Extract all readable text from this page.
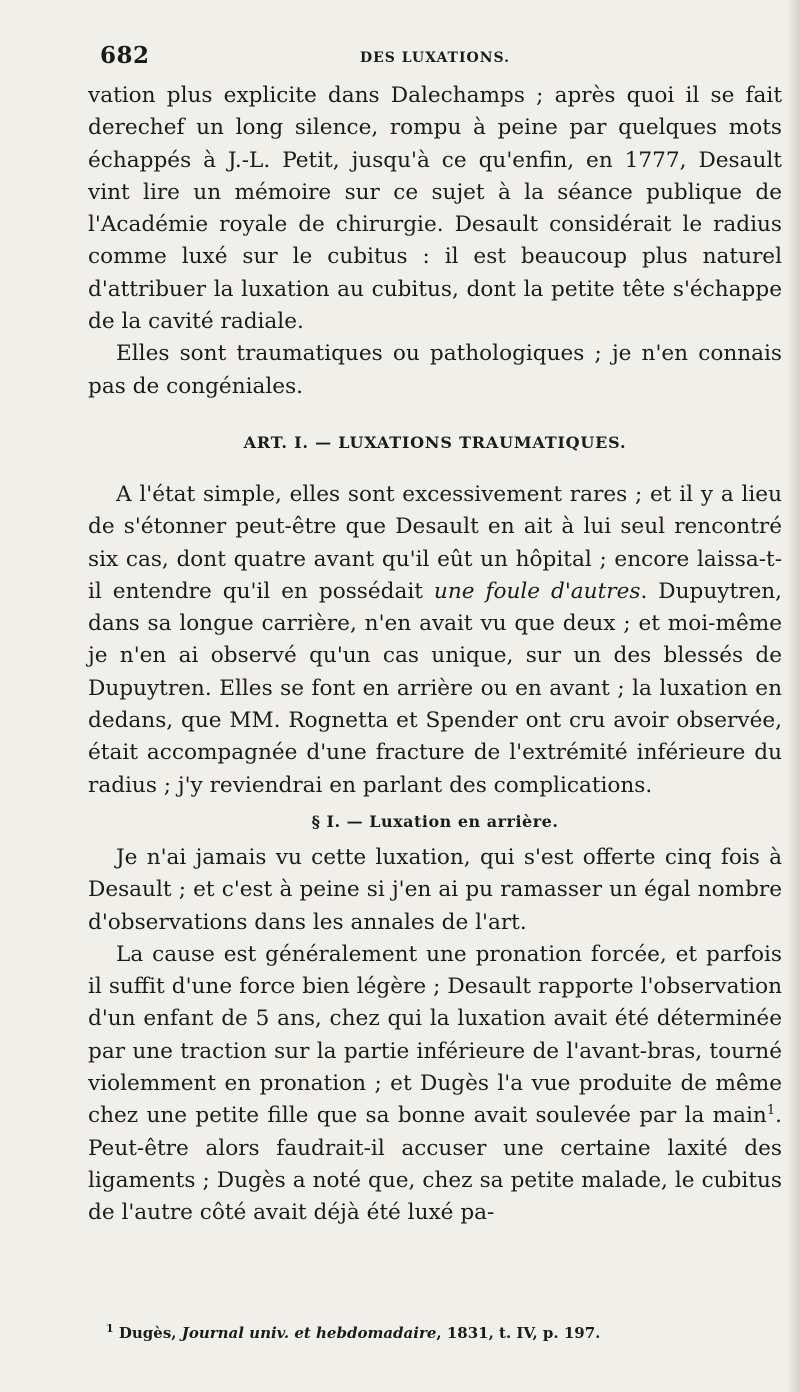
682	DES LUXATIONS.

vation plus explicite dans Dalechamps ; après quoi il se fait derechef un long silence, rompu à peine par quelques mots échappés à J.-L. Petit, jusqu'à ce qu'enfin, en 1777, Desault vint lire un mémoire sur ce sujet à la séance publique de l'Académie royale de chirurgie. Desault considérait le radius comme luxé sur le cubitus : il est beaucoup plus naturel d'attribuer la luxation au cubitus, dont la petite tête s'échappe de la cavité radiale.

Elles sont traumatiques ou pathologiques ; je n'en connais pas de congéniales.

ART. I. — LUXATIONS TRAUMATIQUES.

A l'état simple, elles sont excessivement rares ; et il y a lieu de s'étonner peut-être que Desault en ait à lui seul rencontré six cas, dont quatre avant qu'il eût un hôpital ; encore laissa-t-il entendre qu'il en possédait une foule d'autres. Dupuytren, dans sa longue carrière, n'en avait vu que deux ; et moi-même je n'en ai observé qu'un cas unique, sur un des blessés de Dupuytren. Elles se font en arrière ou en avant ; la luxation en dedans, que MM. Rognetta et Spender ont cru avoir observée, était accompagnée d'une fracture de l'extrémité inférieure du radius ; j'y reviendrai en parlant des complications.

§ I. — Luxation en arrière.

Je n'ai jamais vu cette luxation, qui s'est offerte cinq fois à Desault ; et c'est à peine si j'en ai pu ramasser un égal nombre d'observations dans les annales de l'art.

La cause est généralement une pronation forcée, et parfois il suffit d'une force bien légère ; Desault rapporte l'observation d'un enfant de 5 ans, chez qui la luxation avait été déterminée par une traction sur la partie inférieure de l'avant-bras, tourné violemment en pronation ; et Dugès l'a vue produite de même chez une petite fille que sa bonne avait soulevée par la main$^1$. Peut-être alors faudrait-il accuser une certaine laxité des ligaments ; Dugès a noté que, chez sa petite malade, le cubitus de l'autre côté avait déjà été luxé pa-

$^1$ Dugès, Journal univ. et hebdomadaire, 1831, t. IV, p. 197.
